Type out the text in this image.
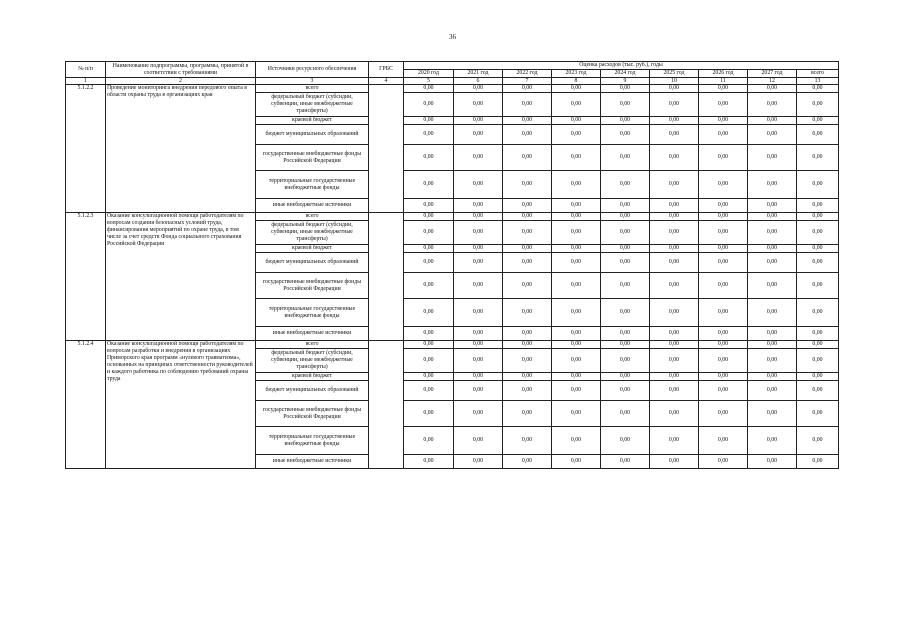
36
№ п/п	Наименование подпрограммы, программы, принятой в соответствии с требованиями	Источники ресурсного обеспечения	ГРБС	Оценка расходов (тыс. руб.), годы								
				2020 год	2021 год	2022 год	2023 год	2024 год	2025 год	2026 год	2027 год	всего
1	2	3	4	5	6	7	8	9	10	11	12	13
5.1.2.2	Проведение мониторинга внедрения передового опыта в области охраны труда в организациях края	всего		0,00	0,00	0,00	0,00	0,00	0,00	0,00	0,00	0,00
		федеральный бюджет (субсидии, субвенции, иные межбюджетные трансферты)		0,00	0,00	0,00	0,00	0,00	0,00	0,00	0,00	0,00
		краевой бюджет		0,00	0,00	0,00	0,00	0,00	0,00	0,00	0,00	0,00
		бюджет муниципальных образований		0,00	0,00	0,00	0,00	0,00	0,00	0,00	0,00	0,00
		государственные внебюджетные фонды Российской Федерации		0,00	0,00	0,00	0,00	0,00	0,00	0,00	0,00	0,00
		территориальные государственные внебюджетные фонды		0,00	0,00	0,00	0,00	0,00	0,00	0,00	0,00	0,00
		иные внебюджетные источники		0,00	0,00	0,00	0,00	0,00	0,00	0,00	0,00	0,00
5.1.2.3	Оказание консультационной помощи работодателям по вопросам создания безопасных условий труда, финансирования мероприятий по охране труда, в том числе за счет средств Фонда социального страхования Российской Федерации	всего		0,00	0,00	0,00	0,00	0,00	0,00	0,00	0,00	0,00
		федеральный бюджет (субсидии, субвенции, иные межбюджетные трансферты)		0,00	0,00	0,00	0,00	0,00	0,00	0,00	0,00	0,00
		краевой бюджет		0,00	0,00	0,00	0,00	0,00	0,00	0,00	0,00	0,00
		бюджет муниципальных образований		0,00	0,00	0,00	0,00	0,00	0,00	0,00	0,00	0,00
		государственные внебюджетные фонды Российской Федерации		0,00	0,00	0,00	0,00	0,00	0,00	0,00	0,00	0,00
		территориальные государственные внебюджетные фонды		0,00	0,00	0,00	0,00	0,00	0,00	0,00	0,00	0,00
		иные внебюджетные источники		0,00	0,00	0,00	0,00	0,00	0,00	0,00	0,00	0,00
5.1.2.4	Оказание консультационной помощи работодателям по вопросам разработки и внедрения в организациях Приморского края программ «нулевого травматизма», основанных на принципах ответственности руководителей и каждого работника по соблюдению требований охраны труда	всего		0,00	0,00	0,00	0,00	0,00	0,00	0,00	0,00	0,00
		федеральный бюджет (субсидии, субвенции, иные межбюджетные трансферты)		0,00	0,00	0,00	0,00	0,00	0,00	0,00	0,00	0,00
		краевой бюджет		0,00	0,00	0,00	0,00	0,00	0,00	0,00	0,00	0,00
		бюджет муниципальных образований		0,00	0,00	0,00	0,00	0,00	0,00	0,00	0,00	0,00
		государственные внебюджетные фонды Российской Федерации		0,00	0,00	0,00	0,00	0,00	0,00	0,00	0,00	0,00
		территориальные государственные внебюджетные фонды		0,00	0,00	0,00	0,00	0,00	0,00	0,00	0,00	0,00
		иные внебюджетные источники		0,00	0,00	0,00	0,00	0,00	0,00	0,00	0,00	0,00
